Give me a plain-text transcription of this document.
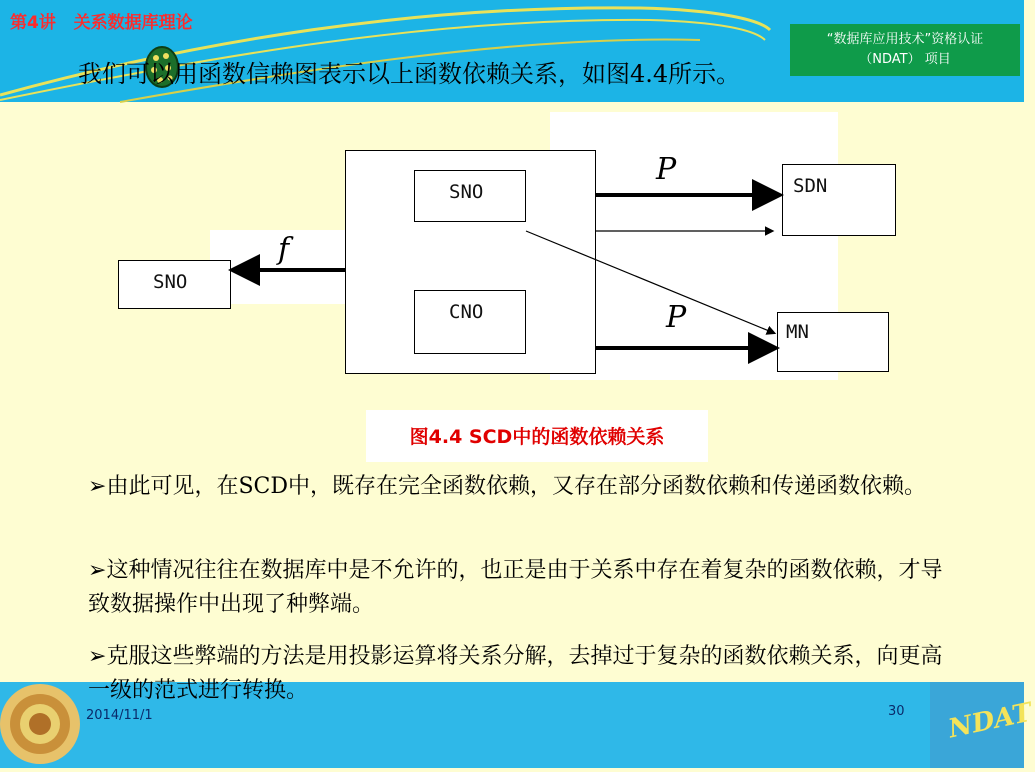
第4讲   关系数据库理论
“数据库应用技术”资格认证
（NDAT） 项目
我们可以用函数信赖图表示以上函数依赖关系，如图4.4所示。
SNO
CNO
SNO
SDN
MN
f
P
P
图4.4 SCD中的函数依赖关系
➢由此可见，在SCD中，既存在完全函数依赖，又存在部分函数依赖和传递函数依赖。
➢这种情况往往在数据库中是不允许的，也正是由于关系中存在着复杂的函数依赖，才导致数据操作中出现了种弊端。
➢克服这些弊端的方法是用投影运算将关系分解，去掉过于复杂的函数依赖关系，向更高一级的范式进行转换。
2014/11/1	30 NDAT
